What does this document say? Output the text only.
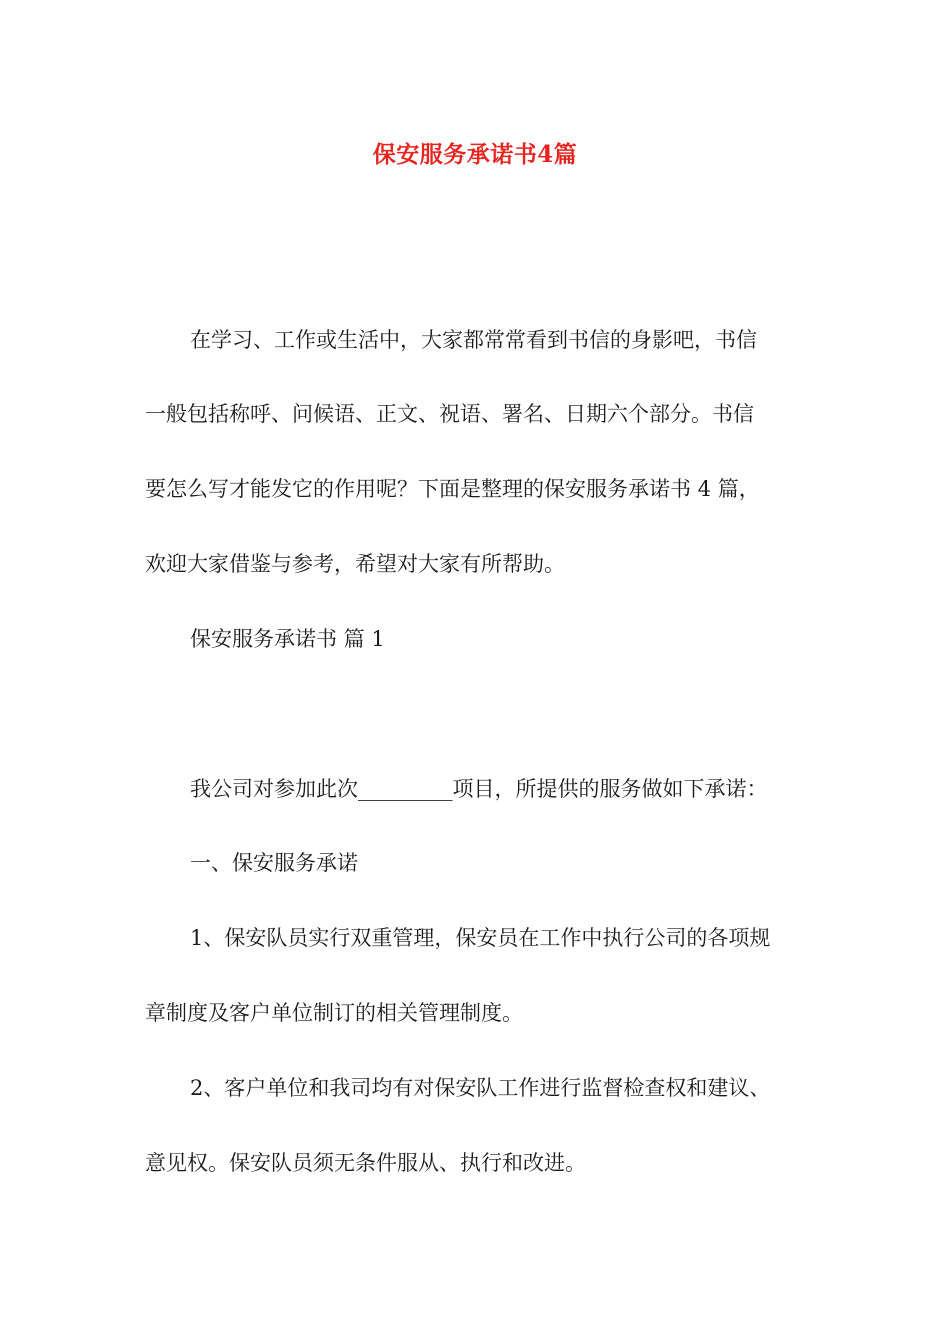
保安服务承诺书4篇
在学习、工作或生活中，大家都常常看到书信的身影吧，书信
一般包括称呼、问候语、正文、祝语、署名、日期六个部分。书信
要怎么写才能发它的作用呢？下面是整理的保安服务承诺书 4 篇，
欢迎大家借鉴与参考，希望对大家有所帮助。
保安服务承诺书 篇 1
我公司对参加此次_________项目，所提供的服务做如下承诺：
一、保安服务承诺
1、保安队员实行双重管理，保安员在工作中执行公司的各项规
章制度及客户单位制订的相关管理制度。
2、客户单位和我司均有对保安队工作进行监督检查权和建议、
意见权。保安队员须无条件服从、执行和改进。
